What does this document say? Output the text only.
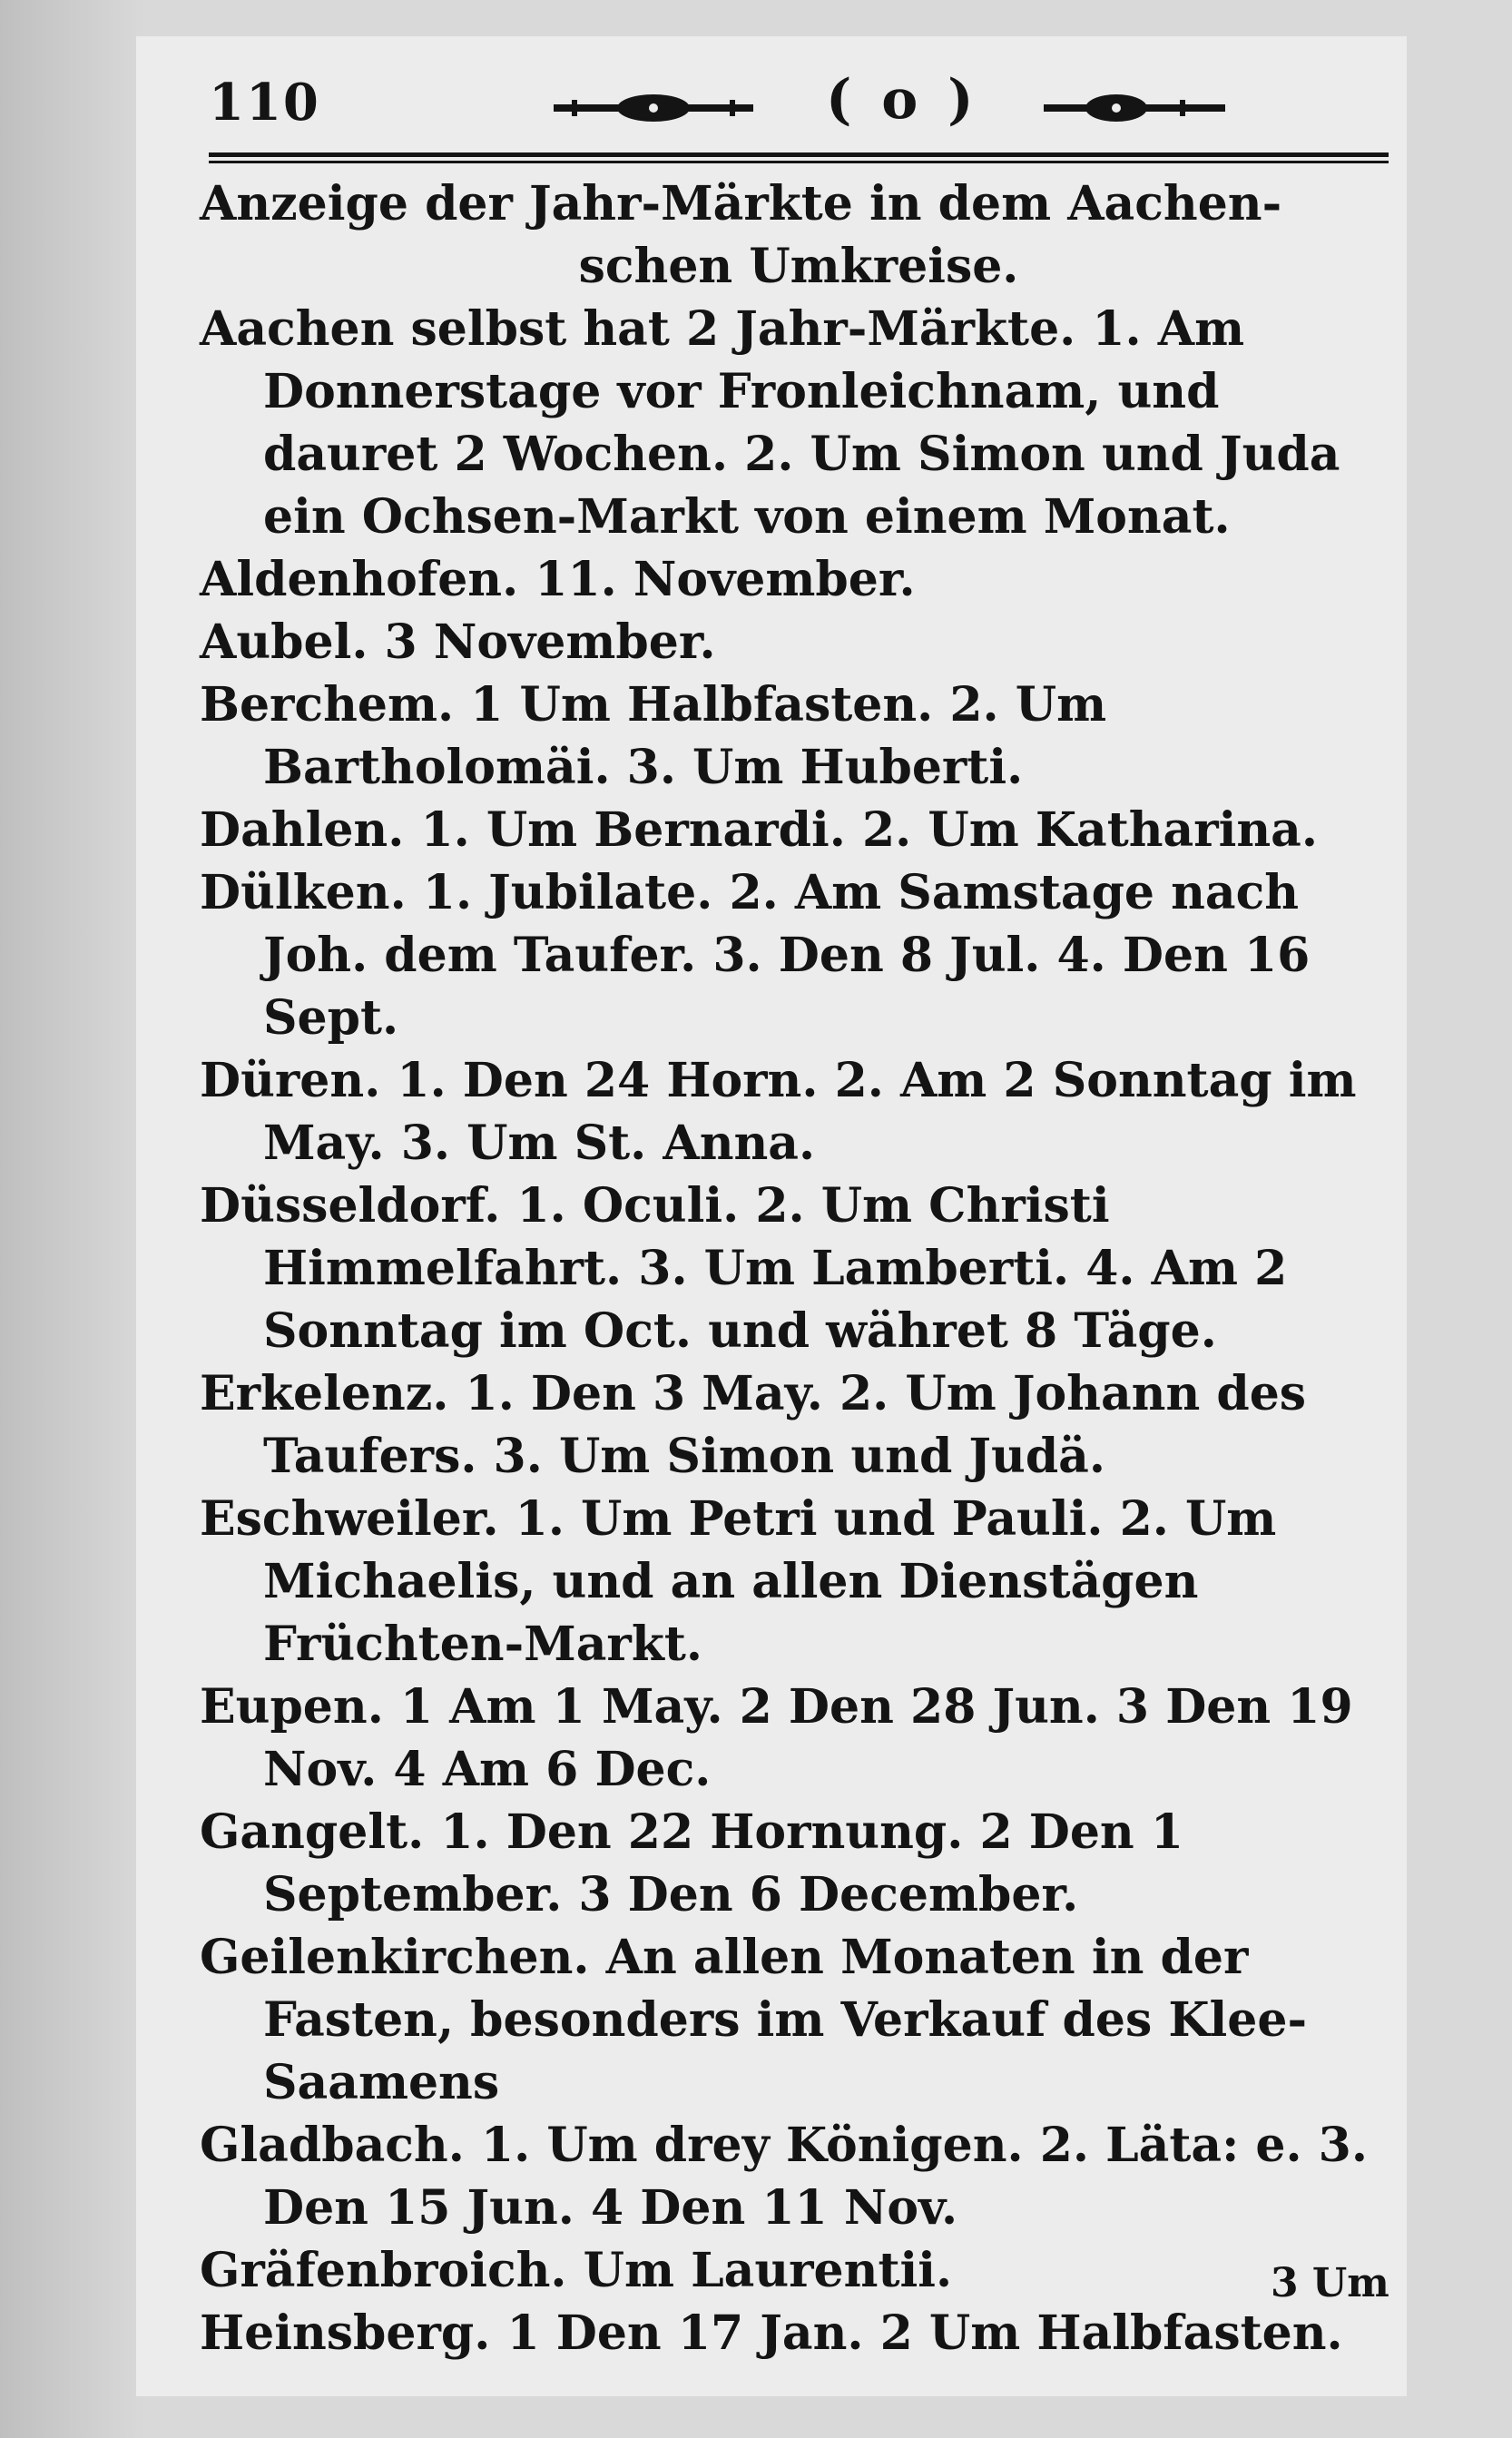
110	( o )
Anzeige der Jahr-Märkte in dem Aachen-
schen Umkreise.

Aachen selbst hat 2 Jahr-Märkte. 1. Am Donnerstage vor Fronleichnam, und dauret 2 Wochen. 2. Um Simon und Juda ein Ochsen-Markt von einem Monat.

Aldenhofen. 11. November.

Aubel. 3 November.

Berchem. 1 Um Halbfasten. 2. Um Bartholomäi. 3. Um Huberti.

Dahlen. 1. Um Bernardi. 2. Um Katharina.

Dülken. 1. Jubilate. 2. Am Samstage nach Joh. dem Taufer. 3. Den 8 Jul. 4. Den 16 Sept.

Düren. 1. Den 24 Horn. 2. Am 2 Sonntag im May. 3. Um St. Anna.

Düsseldorf. 1. Oculi. 2. Um Christi Himmelfahrt. 3. Um Lamberti. 4. Am 2 Sonntag im Oct. und währet 8 Täge.

Erkelenz. 1. Den 3 May. 2. Um Johann des Taufers. 3. Um Simon und Judä.

Eschweiler. 1. Um Petri und Pauli. 2. Um Michaelis, und an allen Dienstägen Früchten-Markt.

Eupen. 1 Am 1 May. 2 Den 28 Jun. 3 Den 19 Nov. 4 Am 6 Dec.

Gangelt. 1. Den 22 Hornung. 2 Den 1 September. 3 Den 6 December.

Geilenkirchen. An allen Monaten in der Fasten, besonders im Verkauf des Klee-Saamens

Gladbach. 1. Um drey Königen. 2. Läta: e. 3. Den 15 Jun. 4 Den 11 Nov.

Gräfenbroich. Um Laurentii.

Heinsberg. 1 Den 17 Jan. 2 Um Halbfasten.

3 Um
